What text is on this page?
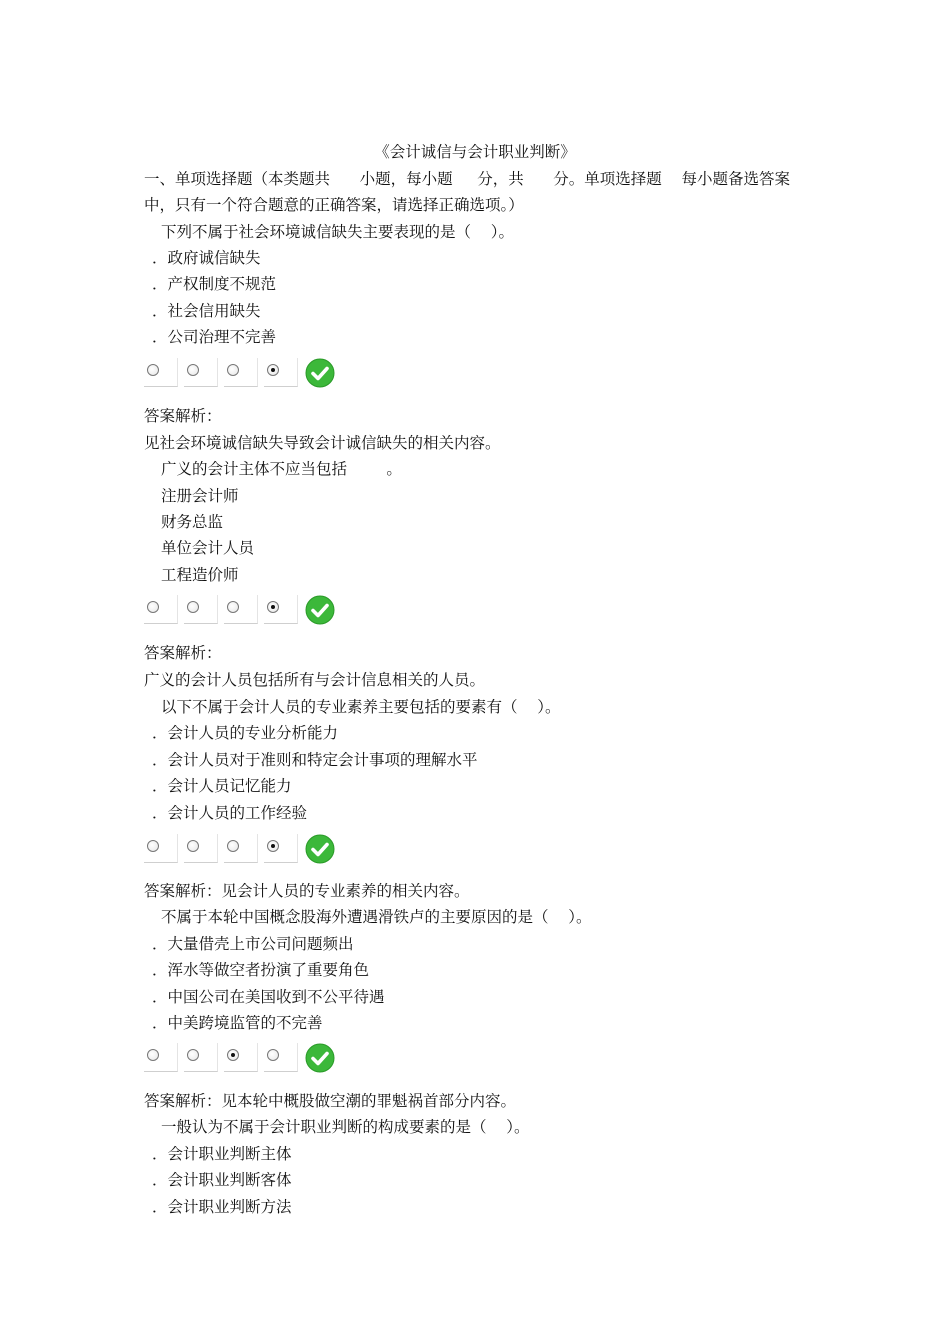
《会计诚信与会计职业判断》
一、单项选择题（本类题共      小题，每小题     分，共      分。单项选择题    每小题备选答案
中，只有一个符合题意的正确答案，请选择正确选项。）
下列不属于社会环境诚信缺失主要表现的是（    ）。
．政府诚信缺失
．产权制度不规范
．社会信用缺失
．公司治理不完善
答案解析：
见社会环境诚信缺失导致会计诚信缺失的相关内容。
广义的会计主体不应当包括        。
注册会计师
财务总监
单位会计人员
工程造价师
答案解析：
广义的会计人员包括所有与会计信息相关的人员。
以下不属于会计人员的专业素养主要包括的要素有（    ）。
．会计人员的专业分析能力
．会计人员对于准则和特定会计事项的理解水平
．会计人员记忆能力
．会计人员的工作经验
答案解析：见会计人员的专业素养的相关内容。
不属于本轮中国概念股海外遭遇滑铁卢的主要原因的是（    ）。
．大量借壳上市公司问题频出
．浑水等做空者扮演了重要角色
．中国公司在美国收到不公平待遇
．中美跨境监管的不完善
答案解析：见本轮中概股做空潮的罪魁祸首部分内容。
一般认为不属于会计职业判断的构成要素的是（    ）。
．会计职业判断主体
．会计职业判断客体
．会计职业判断方法
